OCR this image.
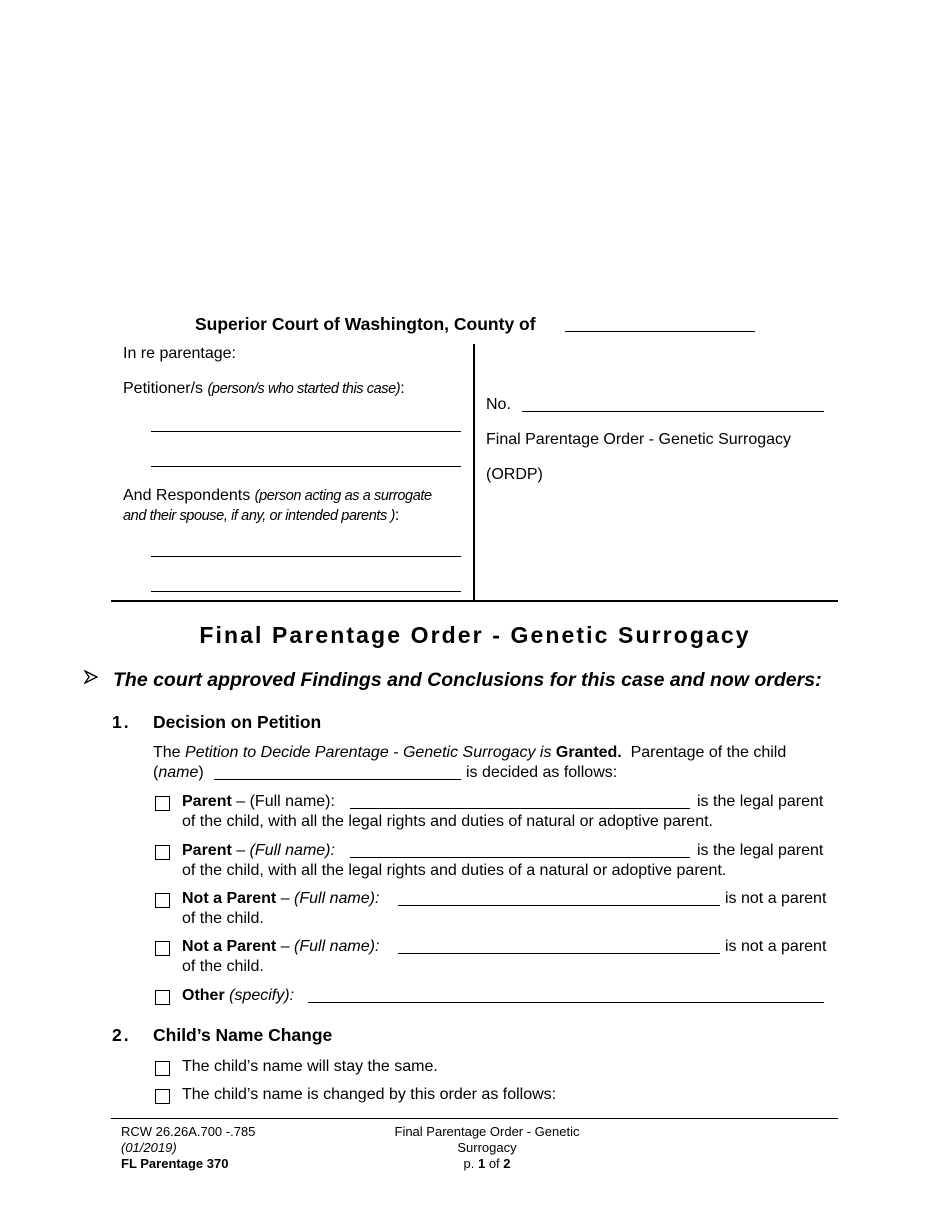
Superior Court of Washington, County of
In re parentage:
Petitioner/s (person/s who started this case):
And Respondents (person acting as a surrogate
and their spouse, if any, or intended parents ):
No.
Final Parentage Order - Genetic Surrogacy
(ORDP)
Final Parentage Order - Genetic Surrogacy
The court approved Findings and Conclusions for this case and now orders:
1. Decision on Petition
The Petition to Decide Parentage - Genetic Surrogacy is Granted. Parentage of the child
(name)	is decided as follows:
Parent – (Full name):	is the legal parent
of the child, with all the legal rights and duties of natural or adoptive parent.
Parent – (Full name):	is the legal parent
of the child, with all the legal rights and duties of a natural or adoptive parent.
Not a Parent – (Full name):	is not a parent
of the child.
Not a Parent – (Full name):	is not a parent
of the child.
Other (specify):
2. Child’s Name Change
The child’s name will stay the same.
The child’s name is changed by this order as follows:
RCW 26.26A.700 -.785
(01/2019)
FL Parentage 370
Final Parentage Order - Genetic
Surrogacy
p. 1 of 2
